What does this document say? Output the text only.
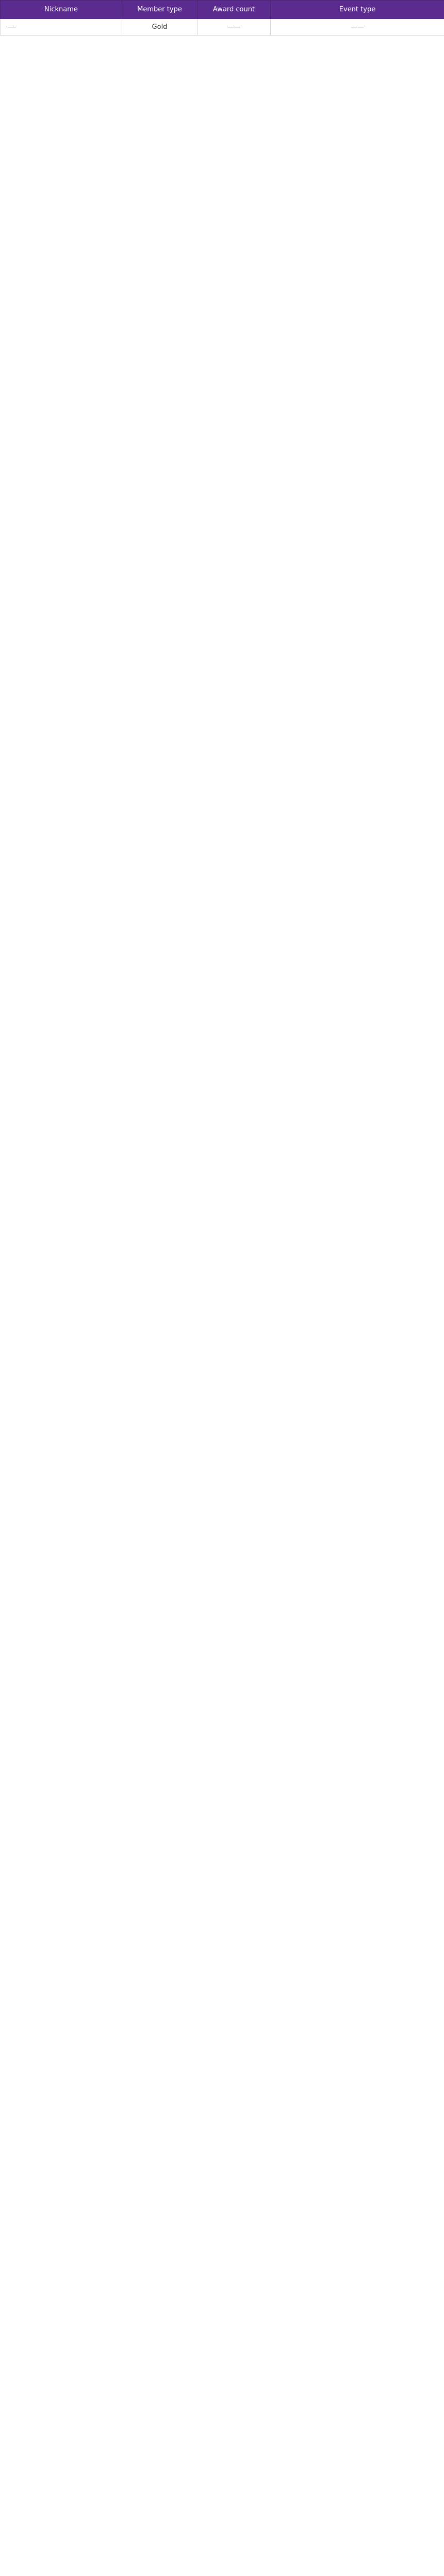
Nickname	Member type	Award count	Event type
——	Gold	——	——
